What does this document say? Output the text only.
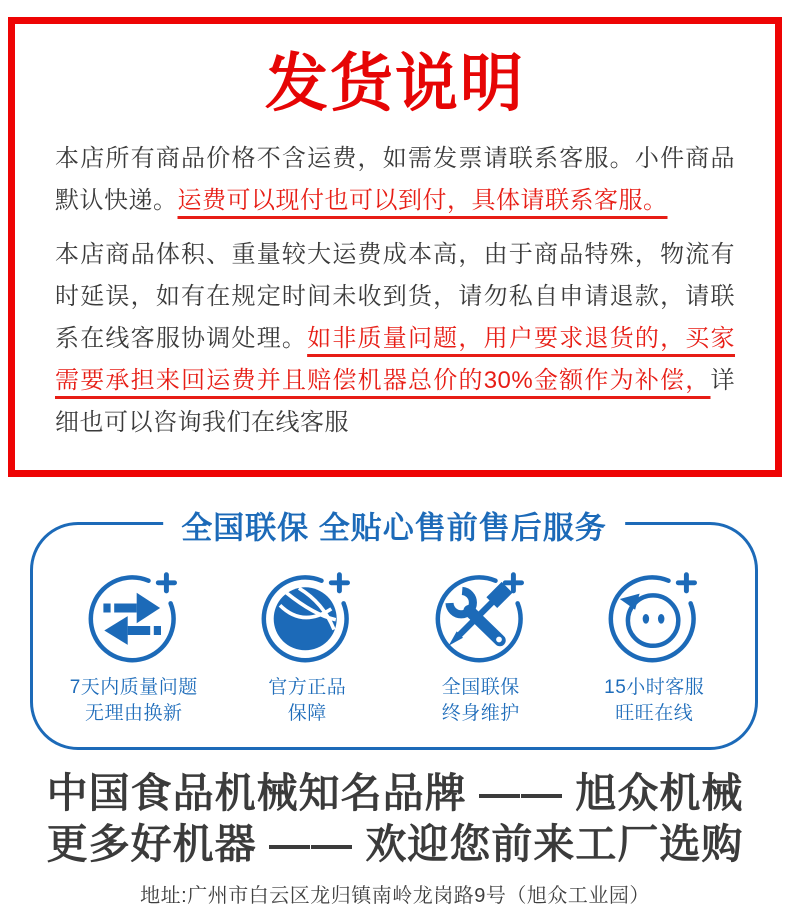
发货说明

本店所有商品价格不含运费，如需发票请联系客服。小件商品默认快递。运费可以现付也可以到付，具体请联系客服。

本店商品体积、重量较大运费成本高，由于商品特殊，物流有时延误，如有在规定时间未收到货，请勿私自申请退款，请联系在线客服协调处理。如非质量问题，用户要求退货的，买家需要承担来回运费并且赔偿机器总价的30%金额作为补偿，详细也可以咨询我们在线客服

全国联保 全贴心售前售后服务
7天内质量问题
无理由换新
官方正品
保障
全国联保
终身维护
15小时客服
旺旺在线
中国食品机械知名品牌 —— 旭众机械
更多好机器 —— 欢迎您前来工厂选购
地址:广州市白云区龙归镇南岭龙岗路9号（旭众工业园）
